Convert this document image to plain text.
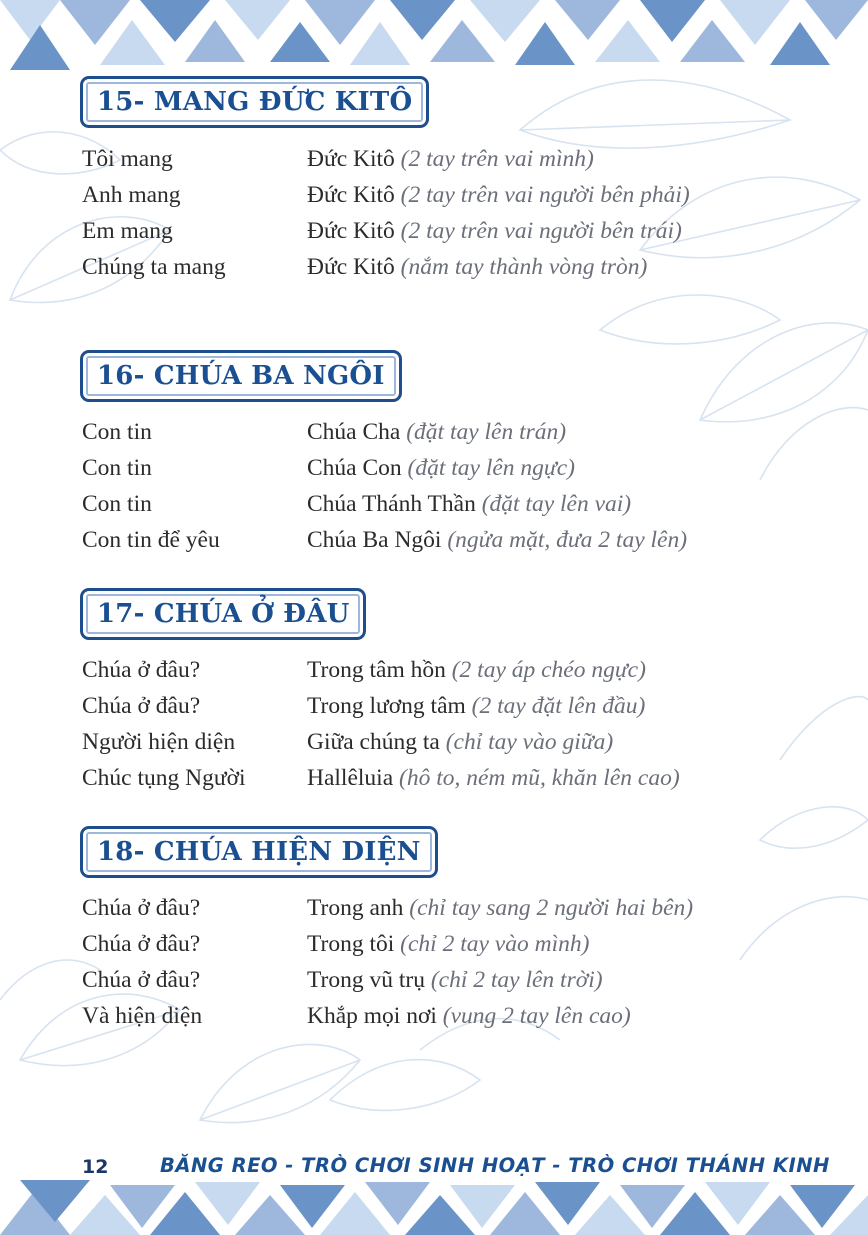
15- MANG ĐỨC KITÔ
Tôi mang	Đức Kitô (2 tay trên vai mình)
Anh mang	Đức Kitô (2 tay trên vai người bên phải)
Em mang	Đức Kitô (2 tay trên vai người bên trái)
Chúng ta mang	Đức Kitô (nắm tay thành vòng tròn)
16- CHÚA BA NGÔI
Con tin	Chúa Cha (đặt tay lên trán)
Con tin	Chúa Con (đặt tay lên ngực)
Con tin	Chúa Thánh Thần (đặt tay lên vai)
Con tin để yêu	Chúa Ba Ngôi (ngửa mặt, đưa 2 tay lên)
17- CHÚA Ở ĐÂU
Chúa ở đâu?	Trong tâm hồn (2 tay áp chéo ngực)
Chúa ở đâu?	Trong lương tâm (2 tay đặt lên đầu)
Người hiện diện	Giữa chúng ta (chỉ tay vào giữa)
Chúc tụng Người	Hallêluia (hô to, ném mũ, khăn lên cao)
18- CHÚA HIỆN DIỆN
Chúa ở đâu?	Trong anh (chỉ tay sang 2 người hai bên)
Chúa ở đâu?	Trong tôi (chỉ 2 tay vào mình)
Chúa ở đâu?	Trong vũ trụ (chỉ 2 tay lên trời)
Và hiện diện	Khắp mọi nơi (vung 2 tay lên cao)
12	BĂNG REO - TRÒ CHƠI SINH HOẠT - TRÒ CHƠI THÁNH KINH
